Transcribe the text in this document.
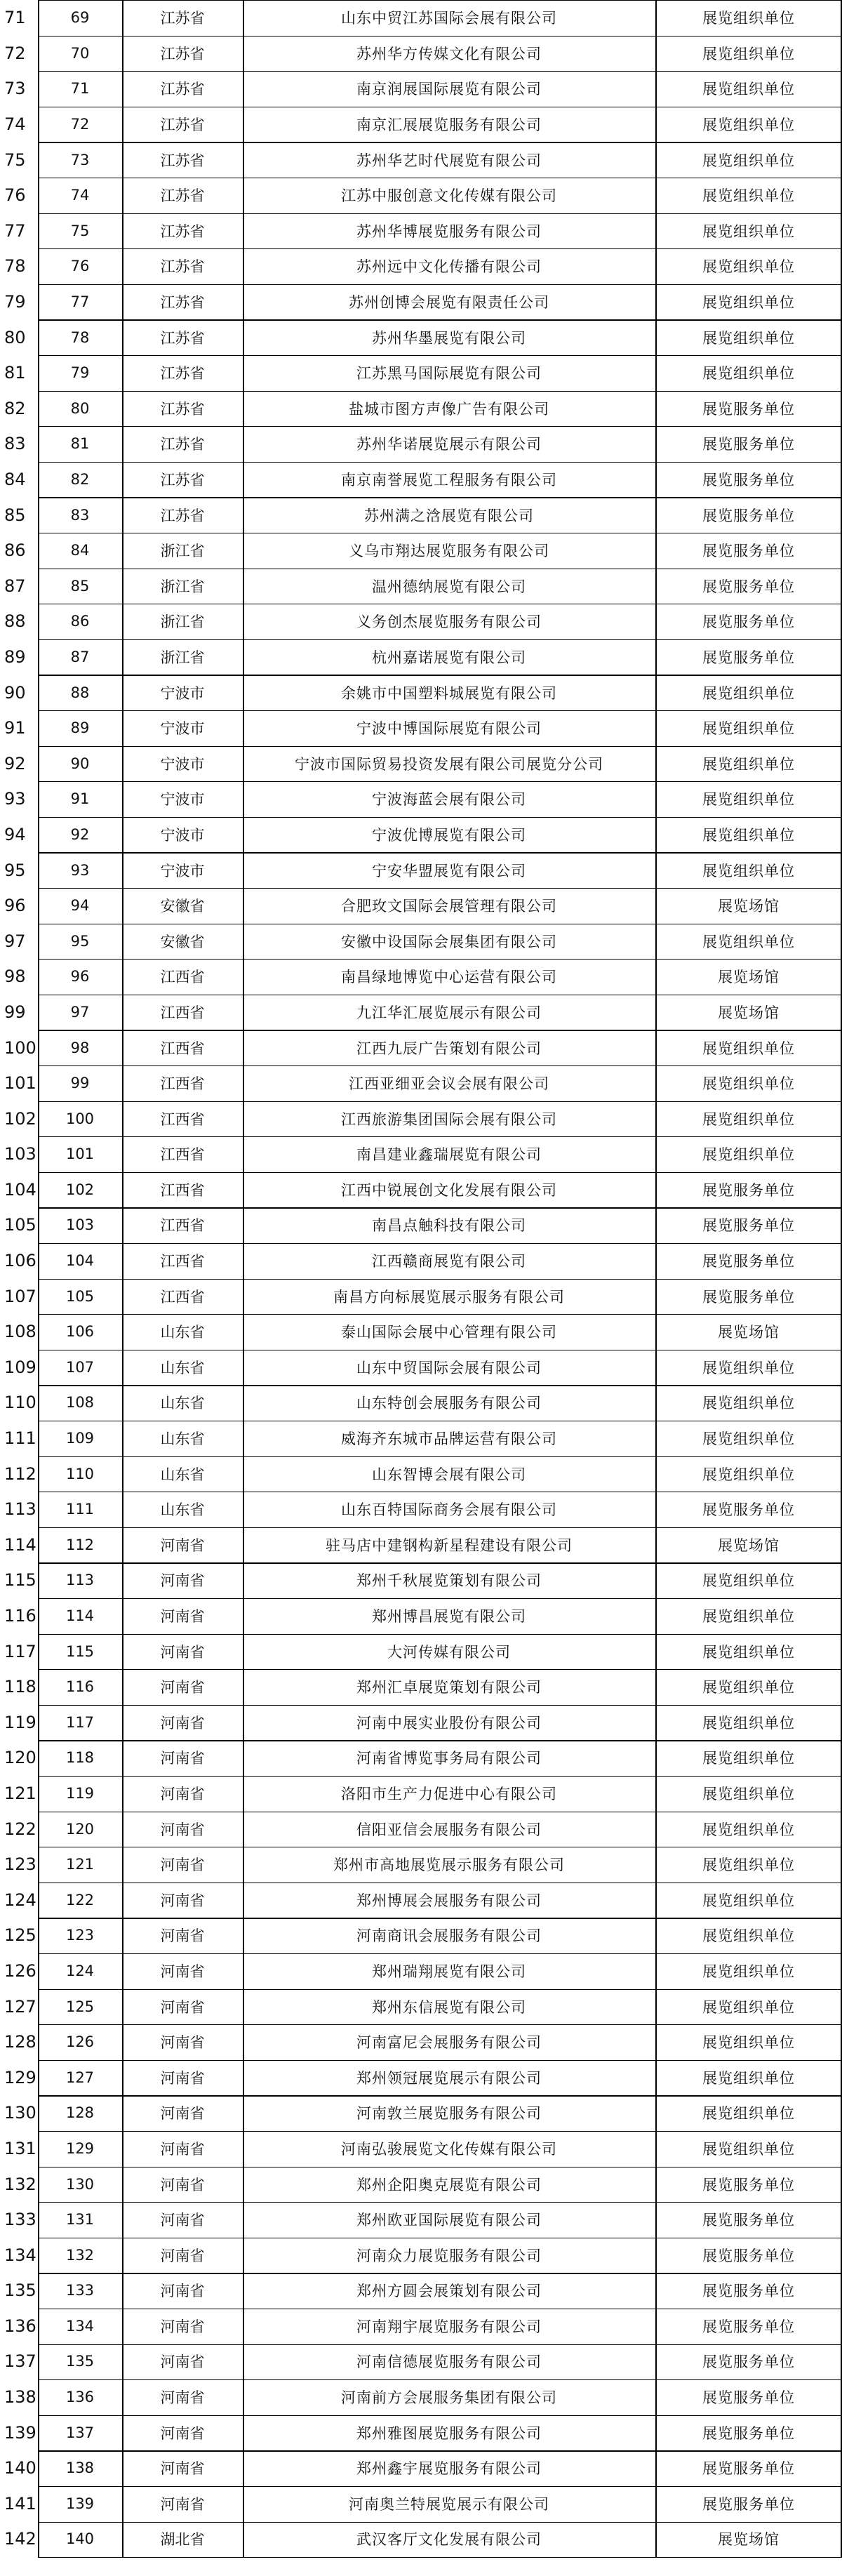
71	69	江苏省	山东中贸江苏国际会展有限公司	展览组织单位
72	70	江苏省	苏州华方传媒文化有限公司	展览组织单位
73	71	江苏省	南京润展国际展览有限公司	展览组织单位
74	72	江苏省	南京汇展展览服务有限公司	展览组织单位
75	73	江苏省	苏州华艺时代展览有限公司	展览组织单位
76	74	江苏省	江苏中服创意文化传媒有限公司	展览组织单位
77	75	江苏省	苏州华博展览服务有限公司	展览组织单位
78	76	江苏省	苏州远中文化传播有限公司	展览组织单位
79	77	江苏省	苏州创博会展览有限责任公司	展览组织单位
80	78	江苏省	苏州华墨展览有限公司	展览组织单位
81	79	江苏省	江苏黑马国际展览有限公司	展览组织单位
82	80	江苏省	盐城市图方声像广告有限公司	展览服务单位
83	81	江苏省	苏州华诺展览展示有限公司	展览服务单位
84	82	江苏省	南京南誉展览工程服务有限公司	展览服务单位
85	83	江苏省	苏州满之浛展览有限公司	展览服务单位
86	84	浙江省	义乌市翔达展览服务有限公司	展览服务单位
87	85	浙江省	温州德纳展览有限公司	展览服务单位
88	86	浙江省	义务创杰展览服务有限公司	展览服务单位
89	87	浙江省	杭州嘉诺展览有限公司	展览服务单位
90	88	宁波市	余姚市中国塑料城展览有限公司	展览组织单位
91	89	宁波市	宁波中博国际展览有限公司	展览组织单位
92	90	宁波市	宁波市国际贸易投资发展有限公司展览分公司	展览组织单位
93	91	宁波市	宁波海蓝会展有限公司	展览组织单位
94	92	宁波市	宁波优博展览有限公司	展览组织单位
95	93	宁波市	宁安华盟展览有限公司	展览组织单位
96	94	安徽省	合肥玫文国际会展管理有限公司	展览场馆
97	95	安徽省	安徽中设国际会展集团有限公司	展览组织单位
98	96	江西省	南昌绿地博览中心运营有限公司	展览场馆
99	97	江西省	九江华汇展览展示有限公司	展览场馆
100	98	江西省	江西九辰广告策划有限公司	展览组织单位
101	99	江西省	江西亚细亚会议会展有限公司	展览组织单位
102	100	江西省	江西旅游集团国际会展有限公司	展览组织单位
103	101	江西省	南昌建业鑫瑞展览有限公司	展览组织单位
104	102	江西省	江西中锐展创文化发展有限公司	展览服务单位
105	103	江西省	南昌点触科技有限公司	展览服务单位
106	104	江西省	江西赣商展览有限公司	展览服务单位
107	105	江西省	南昌方向标展览展示服务有限公司	展览服务单位
108	106	山东省	泰山国际会展中心管理有限公司	展览场馆
109	107	山东省	山东中贸国际会展有限公司	展览组织单位
110	108	山东省	山东特创会展服务有限公司	展览组织单位
111	109	山东省	威海齐东城市品牌运营有限公司	展览组织单位
112	110	山东省	山东智博会展有限公司	展览组织单位
113	111	山东省	山东百特国际商务会展有限公司	展览服务单位
114	112	河南省	驻马店中建钢构新星程建设有限公司	展览场馆
115	113	河南省	郑州千秋展览策划有限公司	展览组织单位
116	114	河南省	郑州博昌展览有限公司	展览组织单位
117	115	河南省	大河传媒有限公司	展览组织单位
118	116	河南省	郑州汇卓展览策划有限公司	展览组织单位
119	117	河南省	河南中展实业股份有限公司	展览组织单位
120	118	河南省	河南省博览事务局有限公司	展览组织单位
121	119	河南省	洛阳市生产力促进中心有限公司	展览组织单位
122	120	河南省	信阳亚信会展服务有限公司	展览组织单位
123	121	河南省	郑州市高地展览展示服务有限公司	展览组织单位
124	122	河南省	郑州博展会展服务有限公司	展览组织单位
125	123	河南省	河南商讯会展服务有限公司	展览组织单位
126	124	河南省	郑州瑞翔展览有限公司	展览组织单位
127	125	河南省	郑州东信展览有限公司	展览组织单位
128	126	河南省	河南富尼会展服务有限公司	展览组织单位
129	127	河南省	郑州领冠展览展示有限公司	展览组织单位
130	128	河南省	河南敦兰展览服务有限公司	展览组织单位
131	129	河南省	河南弘骏展览文化传媒有限公司	展览组织单位
132	130	河南省	郑州企阳奥克展览有限公司	展览服务单位
133	131	河南省	郑州欧亚国际展览有限公司	展览服务单位
134	132	河南省	河南众力展览服务有限公司	展览服务单位
135	133	河南省	郑州方圆会展策划有限公司	展览服务单位
136	134	河南省	河南翔宇展览服务有限公司	展览服务单位
137	135	河南省	河南信德展览服务有限公司	展览服务单位
138	136	河南省	河南前方会展服务集团有限公司	展览服务单位
139	137	河南省	郑州雅图展览服务有限公司	展览服务单位
140	138	河南省	郑州鑫宇展览服务有限公司	展览服务单位
141	139	河南省	河南奥兰特展览展示有限公司	展览服务单位
142	140	湖北省	武汉客厅文化发展有限公司	展览场馆
